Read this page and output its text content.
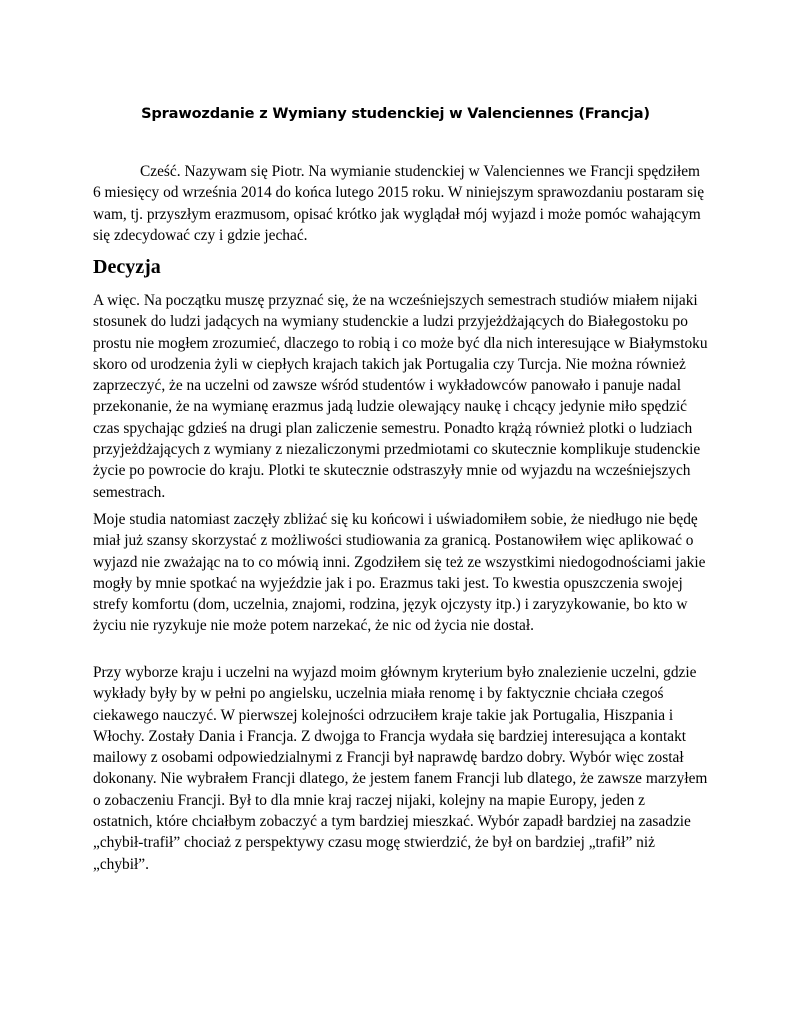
Sprawozdanie z Wymiany studenckiej w Valenciennes (Francja)

Cześć. Nazywam się Piotr. Na wymianie studenckiej w Valenciennes we Francji spędziłem 6 miesięcy od września 2014 do końca lutego 2015 roku. W niniejszym sprawozdaniu postaram się wam, tj. przyszłym erazmusom, opisać krótko jak wyglądał mój wyjazd i może pomóc wahającym się zdecydować czy i gdzie jechać.

Decyzja

A więc. Na początku muszę przyznać się, że na wcześniejszych semestrach studiów miałem nijaki stosunek do ludzi jadących na wymiany studenckie a ludzi przyjeżdżających do Białegostoku po prostu nie mogłem zrozumieć, dlaczego to robią i co może być dla nich interesujące w Białymstoku skoro od urodzenia żyli w ciepłych krajach takich jak Portugalia czy Turcja. Nie można również zaprzeczyć, że na uczelni od zawsze wśród studentów i wykładowców panowało i panuje nadal przekonanie, że na wymianę erazmus jadą ludzie olewający naukę i chcący jedynie miło spędzić czas spychając gdzieś na drugi plan zaliczenie semestru. Ponadto krążą również plotki o ludziach przyjeżdżających z wymiany z niezaliczonymi przedmiotami co skutecznie komplikuje studenckie życie po powrocie do kraju. Plotki te skutecznie odstraszyły mnie od wyjazdu na wcześniejszych semestrach.

Moje studia natomiast zaczęły zbliżać się ku końcowi i uświadomiłem sobie, że niedługo nie będę miał już szansy skorzystać z możliwości studiowania za granicą. Postanowiłem więc aplikować o wyjazd nie zważając na to co mówią inni. Zgodziłem się też ze wszystkimi niedogodnościami jakie mogły by mnie spotkać na wyjeździe jak i po. Erazmus taki jest. To kwestia opuszczenia swojej strefy komfortu (dom, uczelnia, znajomi, rodzina, język ojczysty itp.) i zaryzykowanie, bo kto w życiu nie ryzykuje nie może potem narzekać, że nic od życia nie dostał.

Przy wyborze kraju i uczelni na wyjazd moim głównym kryterium było znalezienie uczelni, gdzie wykłady były by w pełni po angielsku, uczelnia miała renomę i by faktycznie chciała czegoś ciekawego nauczyć. W pierwszej kolejności odrzuciłem kraje takie jak Portugalia, Hiszpania i Włochy. Zostały Dania i Francja. Z dwojga to Francja wydała się bardziej interesująca a kontakt mailowy z osobami odpowiedzialnymi z Francji był naprawdę bardzo dobry. Wybór więc został dokonany. Nie wybrałem Francji dlatego, że jestem fanem Francji lub dlatego, że zawsze marzyłem o zobaczeniu Francji. Był to dla mnie kraj raczej nijaki, kolejny na mapie Europy, jeden z ostatnich, które chciałbym zobaczyć a tym bardziej mieszkać. Wybór zapadł bardziej na zasadzie „chybił-trafił” chociaż z perspektywy czasu mogę stwierdzić, że był on bardziej „trafił” niż „chybił”.
